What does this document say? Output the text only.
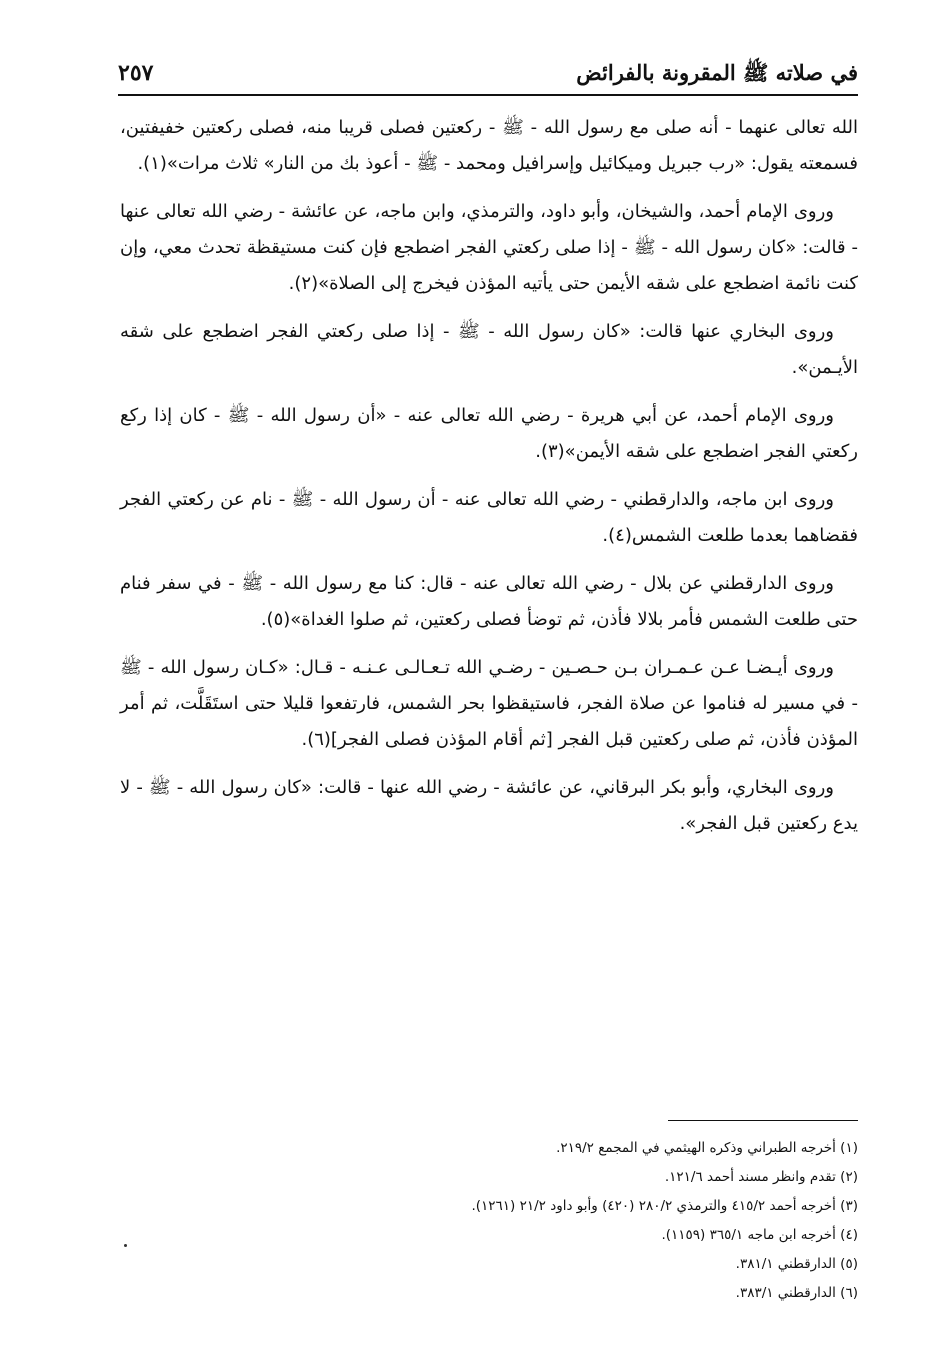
في صلاته ﷺ المقرونة بالفرائض
٢٥٧

الله تعالى عنهما - أنه صلى مع رسول الله - ﷺ - ركعتين فصلى قريبا منه، فصلى ركعتين خفيفتين، فسمعته يقول: «رب جبريل وميكائيل وإسرافيل ومحمد - ﷺ - أعوذ بك من النار» ثلاث مرات»(١).

وروى الإمام أحمد، والشيخان، وأبو داود، والترمذي، وابن ماجه، عن عائشة - رضي الله تعالى عنها - قالت: «كان رسول الله - ﷺ - إذا صلى ركعتي الفجر اضطجع فإن كنت مستيقظة تحدث معي، وإن كنت نائمة اضطجع على شقه الأيمن حتى يأتيه المؤذن فيخرج إلى الصلاة»(٢).

وروى البخاري عنها قالت: «كان رسول الله - ﷺ - إذا صلى ركعتي الفجر اضطجع على شقه الأيـمن».

وروى الإمام أحمد، عن أبي هريرة - رضي الله تعالى عنه - «أن رسول الله - ﷺ - كان إذا ركع ركعتي الفجر اضطجع على شقه الأيمن»(٣).

وروى ابن ماجه، والدارقطني - رضي الله تعالى عنه - أن رسول الله - ﷺ - نام عن ركعتي الفجر فقضاهما بعدما طلعت الشمس(٤).

وروى الدارقطني عن بلال - رضي الله تعالى عنه - قال: كنا مع رسول الله - ﷺ - في سفر فنام حتى طلعت الشمس فأمر بلالا فأذن، ثم توضأ فصلى ركعتين، ثم صلوا الغداة»(٥).

وروى أيـضـا عـن عـمـران بـن حـصـين - رضـي الله تـعـالـى عـنـه - قـال: «كـان رسول الله - ﷺ - في مسير له فناموا عن صلاة الفجر، فاستيقظوا بحر الشمس، فارتفعوا قليلا حتى استَقَلَّت، ثم أمر المؤذن فأذن، ثم صلى ركعتين قبل الفجر [ثم أقام المؤذن فصلى الفجر](٦).

وروى البخاري، وأبو بكر البرقاني، عن عائشة - رضي الله عنها - قالت: «كان رسول الله - ﷺ - لا يدع ركعتين قبل الفجر».

(١) أخرجه الطبراني وذكره الهيثمي في المجمع ٢١٩/٢.
(٢) تقدم وانظر مسند أحمد ١٢١/٦.
(٣) أخرجه أحمد ٤١٥/٢ والترمذي ٢٨٠/٢ (٤٢٠) وأبو داود ٢١/٢ (١٢٦١).
(٤) أخرجه ابن ماجه ٣٦٥/١ (١١٥٩).
(٥) الدارقطني ٣٨١/١.
(٦) الدارقطني ٣٨٣/١.
